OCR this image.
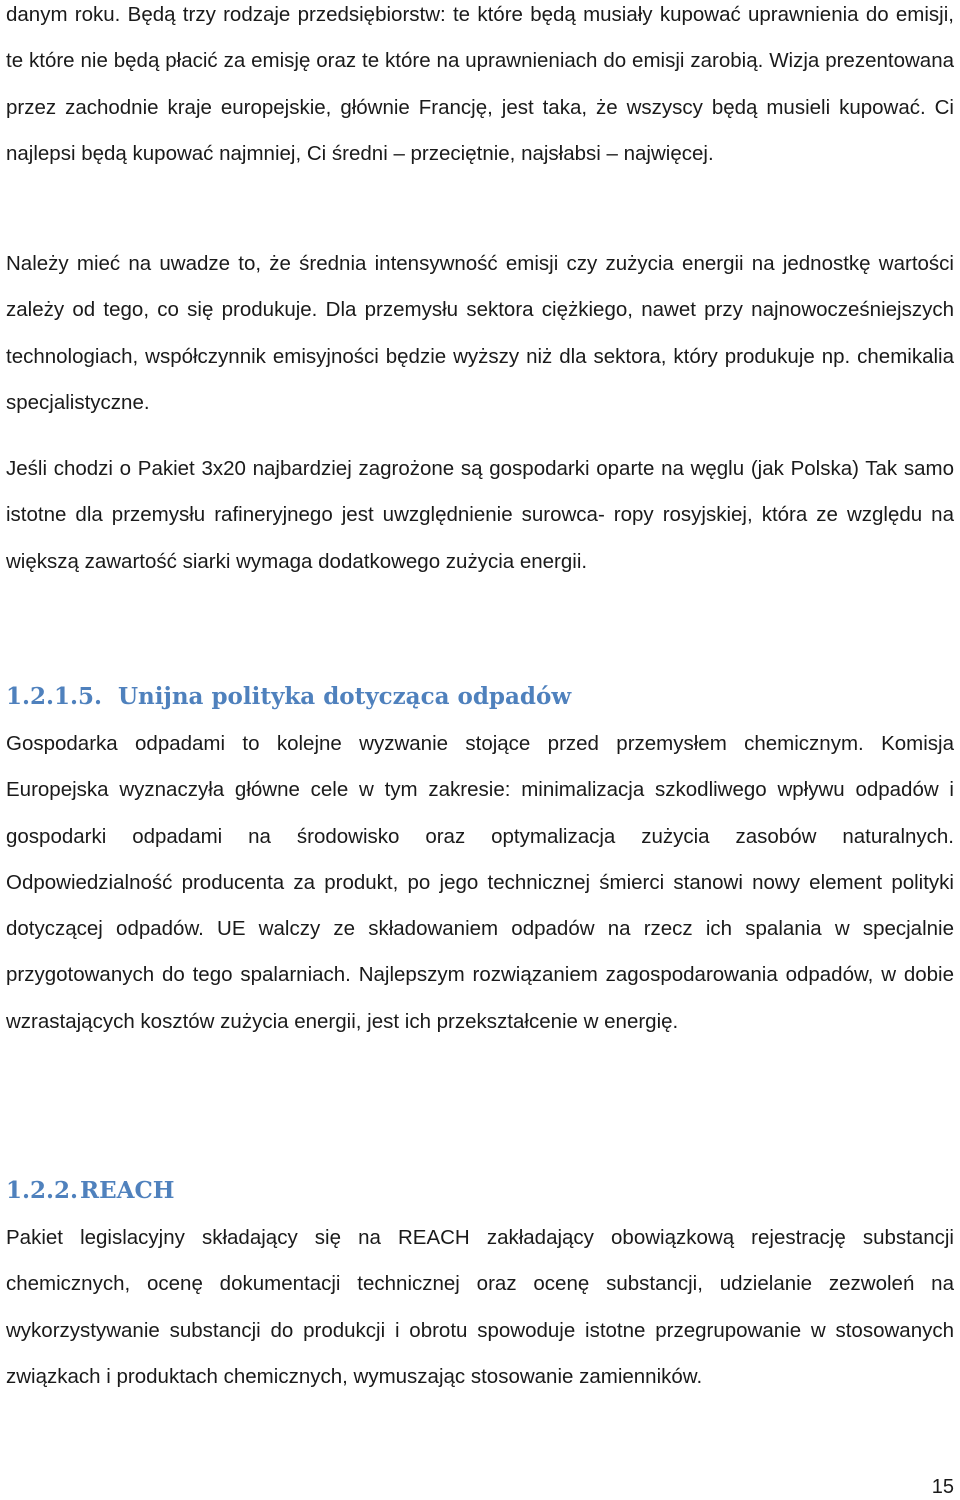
danym roku. Będą trzy rodzaje przedsiębiorstw: te które będą musiały kupować uprawnienia do emisji, te które nie będą płacić za emisję oraz te które na uprawnieniach do emisji zarobią. Wizja prezentowana przez zachodnie kraje europejskie, głównie Francję, jest taka, że wszyscy będą musieli kupować. Ci najlepsi będą kupować najmniej, Ci średni – przeciętnie, najsłabsi – najwięcej.

Należy mieć na uwadze to, że średnia intensywność emisji czy zużycia energii na jednostkę wartości zależy od tego, co się produkuje. Dla przemysłu sektora ciężkiego, nawet przy najnowocześniejszych technologiach, współczynnik emisyjności będzie wyższy niż dla sektora, który produkuje np. chemikalia specjalistyczne.

Jeśli chodzi o Pakiet 3x20 najbardziej zagrożone są gospodarki oparte na węglu (jak Polska) Tak samo istotne dla przemysłu rafineryjnego jest uwzględnienie surowca- ropy rosyjskiej, która ze względu na większą zawartość siarki wymaga dodatkowego zużycia energii.

1.2.1.5. Unijna polityka dotycząca odpadów

Gospodarka odpadami to kolejne wyzwanie stojące przed przemysłem chemicznym. Komisja Europejska wyznaczyła główne cele w tym zakresie: minimalizacja szkodliwego wpływu odpadów i gospodarki odpadami na środowisko oraz optymalizacja zużycia zasobów naturalnych. Odpowiedzialność producenta za produkt, po jego technicznej śmierci stanowi nowy element polityki dotyczącej odpadów. UE walczy ze składowaniem odpadów na rzecz ich spalania w specjalnie przygotowanych do tego spalarniach. Najlepszym rozwiązaniem zagospodarowania odpadów, w dobie wzrastających kosztów zużycia energii, jest ich przekształcenie w energię.

1.2.2.REACH

Pakiet legislacyjny składający się na REACH zakładający obowiązkową rejestrację substancji chemicznych, ocenę dokumentacji technicznej oraz ocenę substancji, udzielanie zezwoleń na wykorzystywanie substancji do produkcji i obrotu spowoduje istotne przegrupowanie w stosowanych związkach i produktach chemicznych, wymuszając stosowanie zamienników.

15
